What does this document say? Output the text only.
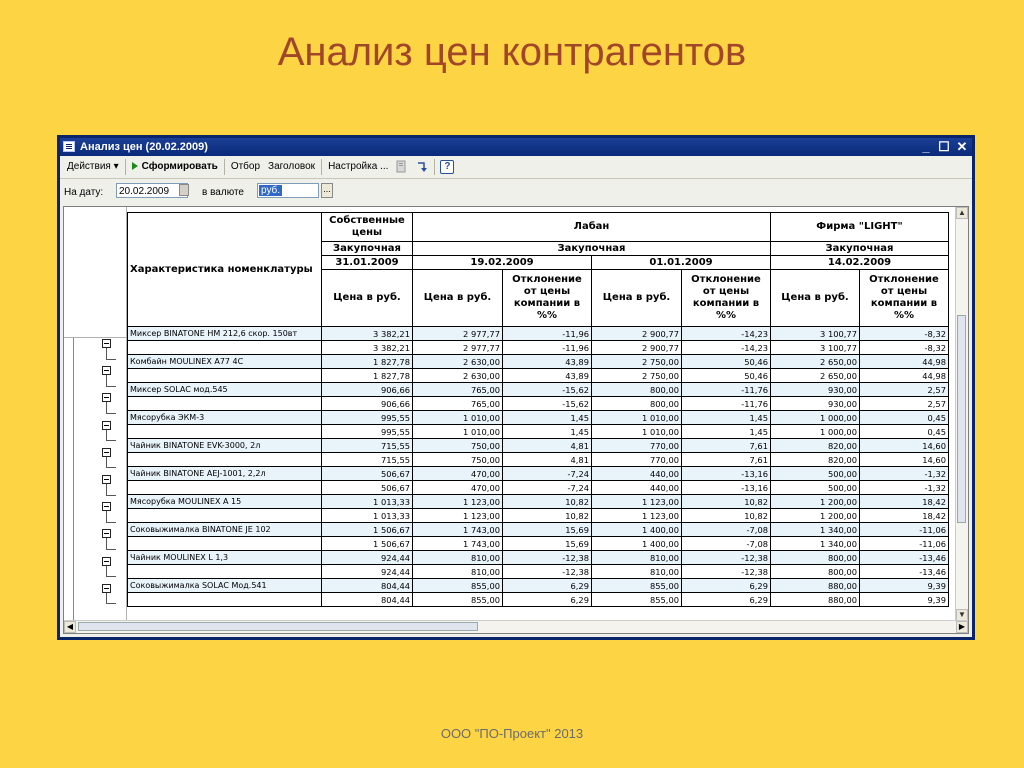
Анализ цен контрагентов
Анализ цен (20.02.2009)	_ ☐ ✕
Действия ▾	Сформировать	Отбор Заголовок	Настройка ...	?
На дату:	20.02.2009	в валюте	руб.	...
Характеристика номенклатуры	Собственные цены	Лабан				Фирма "LIGHT"	
	Закупочная	Закупочная				Закупочная	
	31.01.2009	19.02.2009		01.01.2009		14.02.2009	
	Цена в руб.	Цена в руб.	Отклонение от цены компании в %%	Цена в руб.	Отклонение от цены компании в %%	Цена в руб.	Отклонение от цены компании в %%

Миксер BINATONE HM 212,6 скор. 150вт	3 382,21	2 977,77	-11,96	2 900,77	-14,23	3 100,77	-8,32
	3 382,21	2 977,77	-11,96	2 900,77	-14,23	3 100,77	-8,32
Комбайн MOULINEX A77 4C	1 827,78	2 630,00	43,89	2 750,00	50,46	2 650,00	44,98
	1 827,78	2 630,00	43,89	2 750,00	50,46	2 650,00	44,98
Миксер SOLAC мод.545	906,66	765,00	-15,62	800,00	-11,76	930,00	2,57
	906,66	765,00	-15,62	800,00	-11,76	930,00	2,57
Мясорубка ЭКМ-3	995,55	1 010,00	1,45	1 010,00	1,45	1 000,00	0,45
	995,55	1 010,00	1,45	1 010,00	1,45	1 000,00	0,45
Чайник BINATONE EVK-3000, 2л	715,55	750,00	4,81	770,00	7,61	820,00	14,60
	715,55	750,00	4,81	770,00	7,61	820,00	14,60
Чайник BINATONE AEJ-1001, 2,2л	506,67	470,00	-7,24	440,00	-13,16	500,00	-1,32
	506,67	470,00	-7,24	440,00	-13,16	500,00	-1,32
Мясорубка MOULINEX A 15	1 013,33	1 123,00	10,82	1 123,00	10,82	1 200,00	18,42
	1 013,33	1 123,00	10,82	1 123,00	10,82	1 200,00	18,42
Соковыжималка BINATONE JE 102	1 506,67	1 743,00	15,69	1 400,00	-7,08	1 340,00	-11,06
	1 506,67	1 743,00	15,69	1 400,00	-7,08	1 340,00	-11,06
Чайник MOULINEX L 1,3	924,44	810,00	-12,38	810,00	-12,38	800,00	-13,46
	924,44	810,00	-12,38	810,00	-12,38	800,00	-13,46
Соковыжималка SOLAC Мод.541	804,44	855,00	6,29	855,00	6,29	880,00	9,39
	804,44	855,00	6,29	855,00	6,29	880,00	9,39
▲
▼
◀	▶
ООО "ПО-Проект" 2013
